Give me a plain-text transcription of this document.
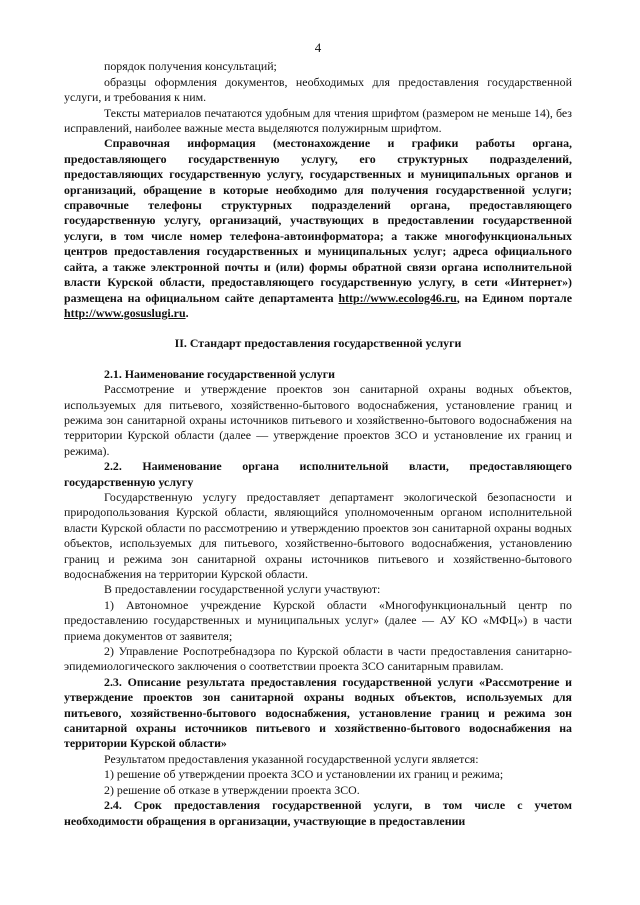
4

порядок получения консультаций;

образцы оформления документов, необходимых для предоставления государственной услуги, и требования к ним.

Тексты материалов печатаются удобным для чтения шрифтом (размером не меньше 14), без исправлений, наиболее важные места выделяются полужирным шрифтом.

Справочная информация (местонахождение и графики работы органа, предоставляющего государственную услугу, его структурных подразделений, предоставляющих государственную услугу, государственных и муниципальных органов и организаций, обращение в которые необходимо для получения государственной услуги; справочные телефоны структурных подразделений органа, предоставляющего государственную услугу, организаций, участвующих в предоставлении государственной услуги, в том числе номер телефона-автоинформатора; а также многофункциональных центров предоставления государственных и муниципальных услуг; адреса официального сайта, а также электронной почты и (или) формы обратной связи органа исполнительной власти Курской области, предоставляющего государственную услугу, в сети «Интернет») размещена на официальном сайте департамента http://www.ecolog46.ru, на Едином портале http://www.gosuslugi.ru.

II. Стандарт предоставления государственной услуги

2.1. Наименование государственной услуги

Рассмотрение и утверждение проектов зон санитарной охраны водных объектов, используемых для питьевого, хозяйственно-бытового водоснабжения, установление границ и режима зон санитарной охраны источников питьевого и хозяйственно-бытового водоснабжения на территории Курской области (далее — утверждение проектов ЗСО и установление их границ и режима).

2.2. Наименование органа исполнительной власти, предоставляющего государственную услугу

Государственную услугу предоставляет департамент экологической безопасности и природопользования Курской области, являющийся уполномоченным органом исполнительной власти Курской области по рассмотрению и утверждению проектов зон санитарной охраны водных объектов, используемых для питьевого, хозяйственно-бытового водоснабжения, установлению границ и режима зон санитарной охраны источников питьевого и хозяйственно-бытового водоснабжения на территории Курской области.

В предоставлении государственной услуги участвуют:

1) Автономное учреждение Курской области «Многофункциональный центр по предоставлению государственных и муниципальных услуг» (далее — АУ КО «МФЦ») в части приема документов от заявителя;

2) Управление Роспотребнадзора по Курской области в части предоставления санитарно-эпидемиологического заключения о соответствии проекта ЗСО санитарным правилам.

2.3. Описание результата предоставления государственной услуги «Рассмотрение и утверждение проектов зон санитарной охраны водных объектов, используемых для питьевого, хозяйственно-бытового водоснабжения, установление границ и режима зон санитарной охраны источников питьевого и хозяйственно-бытового водоснабжения на территории Курской области»

Результатом предоставления указанной государственной услуги является:

1) решение об утверждении проекта ЗСО и установлении их границ и режима;

2) решение об отказе в утверждении проекта ЗСО.

2.4. Срок предоставления государственной услуги, в том числе с учетом необходимости обращения в организации, участвующие в предоставлении
